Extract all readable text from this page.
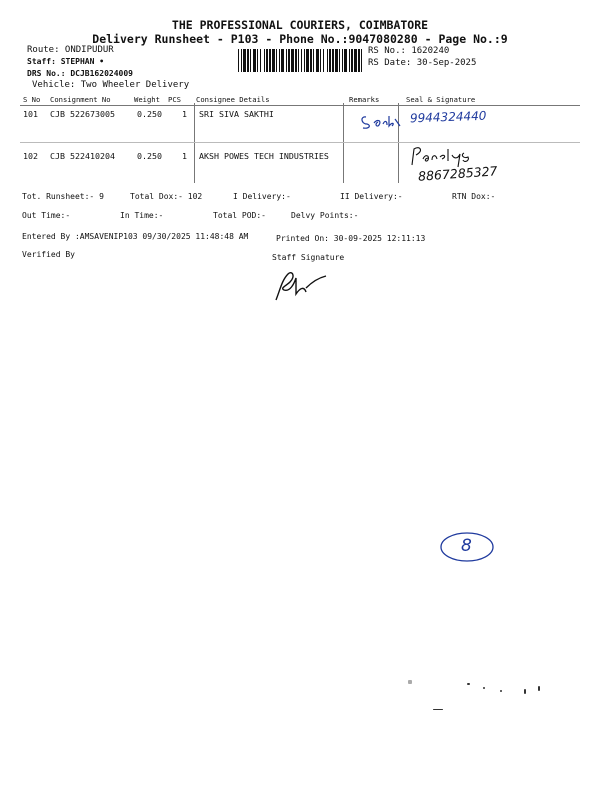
THE PROFESSIONAL COURIERS, COIMBATORE
Delivery Runsheet - P103 - Phone No.:9047080280 - Page No.:9
Route: ONDIPUDUR
Staff: STEPHAN •
DRS No.: DCJB162024009
Vehicle: Two Wheeler Delivery
RS No.: 1620240
RS Date: 30-Sep-2025
S No Consignment No	Weight PCS Consignee Details	Remarks	Seal & Signature
101 CJB 522673005	0.250 1 SRI SIVA SAKTHI
102 CJB 522410204	0.250 1 AKSH POWES TECH INDUSTRIES
9944324440
8867285327
Tot. Runsheet:- 9	Total Dox:- 102	I Delivery:-	II Delivery:-	RTN Dox:-
Out Time:-	In Time:-	Total POD:-	Delvy Points:-
Entered By :AMSAVENIP103 09/30/2025 11:48:48 AM	Printed On: 30-09-2025 12:11:13
Verified By	Staff Signature
8
